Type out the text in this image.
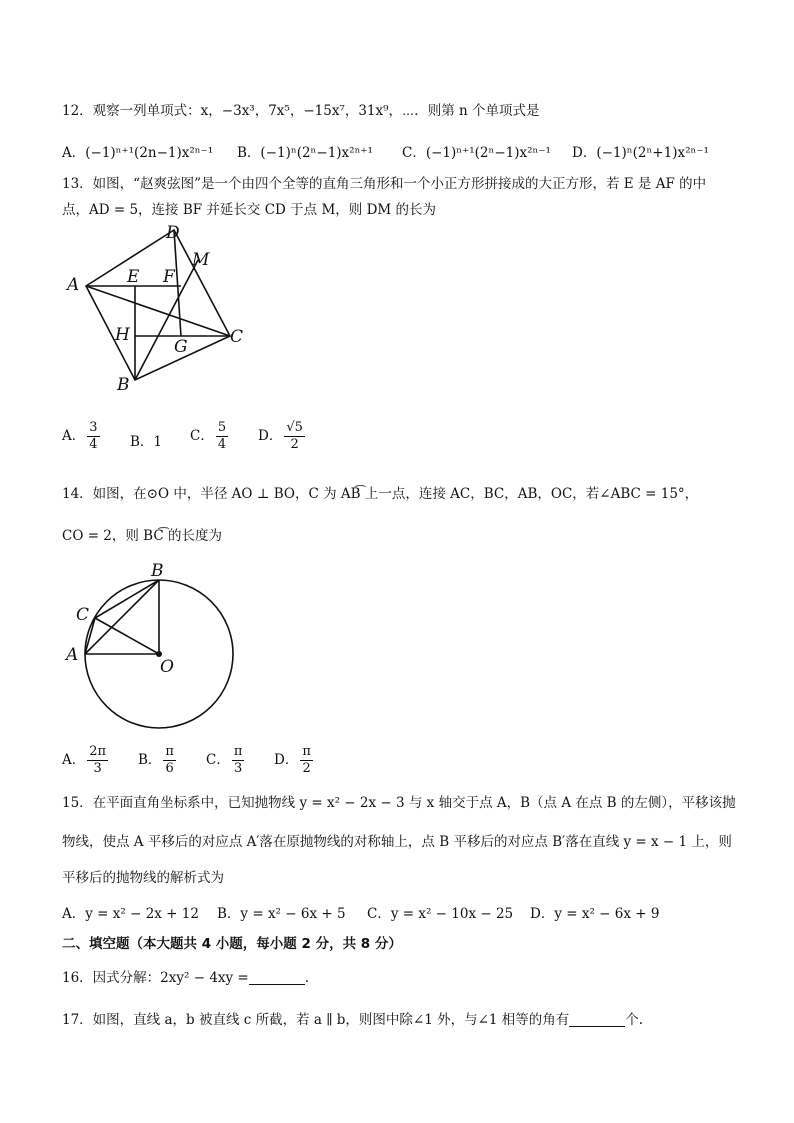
12．观察一列单项式：x，−3x³，7x⁵，−15x⁷，31x⁹，⋯．则第 n 个单项式是
A．(−1)ⁿ⁺¹(2n−1)x²ⁿ⁻¹ B．(−1)ⁿ(2ⁿ−1)x²ⁿ⁺¹ C．(−1)ⁿ⁺¹(2ⁿ−1)x²ⁿ⁻¹ D．(−1)ⁿ(2ⁿ+1)x²ⁿ⁻¹
13．如图，“赵爽弦图”是一个由四个全等的直角三角形和一个小正方形拼接成的大正方形，若 E 是 AF 的中
点，AD = 5，连接 BF 并延长交 CD 于点 M，则 DM 的长为
A
D
M
E F
H
G C
B
A． $\frac{3}{4}$ B．1 C． $\frac{5}{4}$ D． $\frac{√5}{2}$
14．如图，在⊙O 中，半径 AO ⊥ BO，C 为 AB͡ 上一点，连接 AC，BC，AB，OC，若∠ABC = 15°，
CO = 2，则 BC͡ 的长度为
B
C
A
O
A． $\frac{2\pi}{3}$ B． $\frac{\pi}{6}$ C． $\frac{\pi}{3}$ D． $\frac{\pi}{2}$
15．在平面直角坐标系中，已知抛物线 y = x² − 2x − 3 与 x 轴交于点 A，B（点 A 在点 B 的左侧），平移该抛
物线，使点 A 平移后的对应点 A′落在原抛物线的对称轴上，点 B 平移后的对应点 B′落在直线 y = x − 1 上，则
平移后的抛物线的解析式为
A．y = x² − 2x + 12 B．y = x² − 6x + 5 C．y = x² − 10x − 25 D．y = x² − 6x + 9
二、填空题（本大题共 4 小题，每小题 2 分，共 8 分）
16．因式分解：2xy² − 4xy =	.
17．如图，直线 a，b 被直线 c 所截，若 a ∥ b，则图中除∠1 外，与∠1 相等的角有	个.
